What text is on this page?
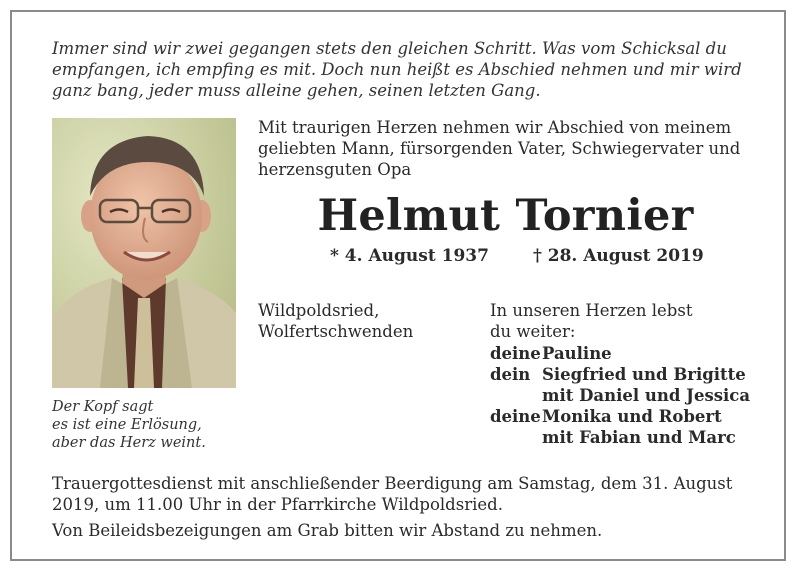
Immer sind wir zwei gegangen stets den gleichen Schritt. Was vom Schicksal du
empfangen, ich empfing es mit. Doch nun heißt es Abschied nehmen und mir wird
ganz bang, jeder muss alleine gehen, seinen letzten Gang.
Der Kopf sagt
es ist eine Erlösung,
aber das Herz weint.
Mit traurigen Herzen nehmen wir Abschied von meinem
geliebten Mann, fürsorgenden Vater, Schwiegervater und
herzensguten Opa
Helmut Tornier
* 4. August 1937	† 28. August 2019
Wildpoldsried,
Wolfertschwenden
In unseren Herzen lebst
du weiter:
deine Pauline
dein Siegfried und Brigitte
mit Daniel und Jessica
deine Monika und Robert
mit Fabian und Marc
Trauergottesdienst mit anschließender Beerdigung am Samstag, dem 31. August
2019, um 11.00 Uhr in der Pfarrkirche Wildpoldsried.
Von Beileidsbezeigungen am Grab bitten wir Abstand zu nehmen.
